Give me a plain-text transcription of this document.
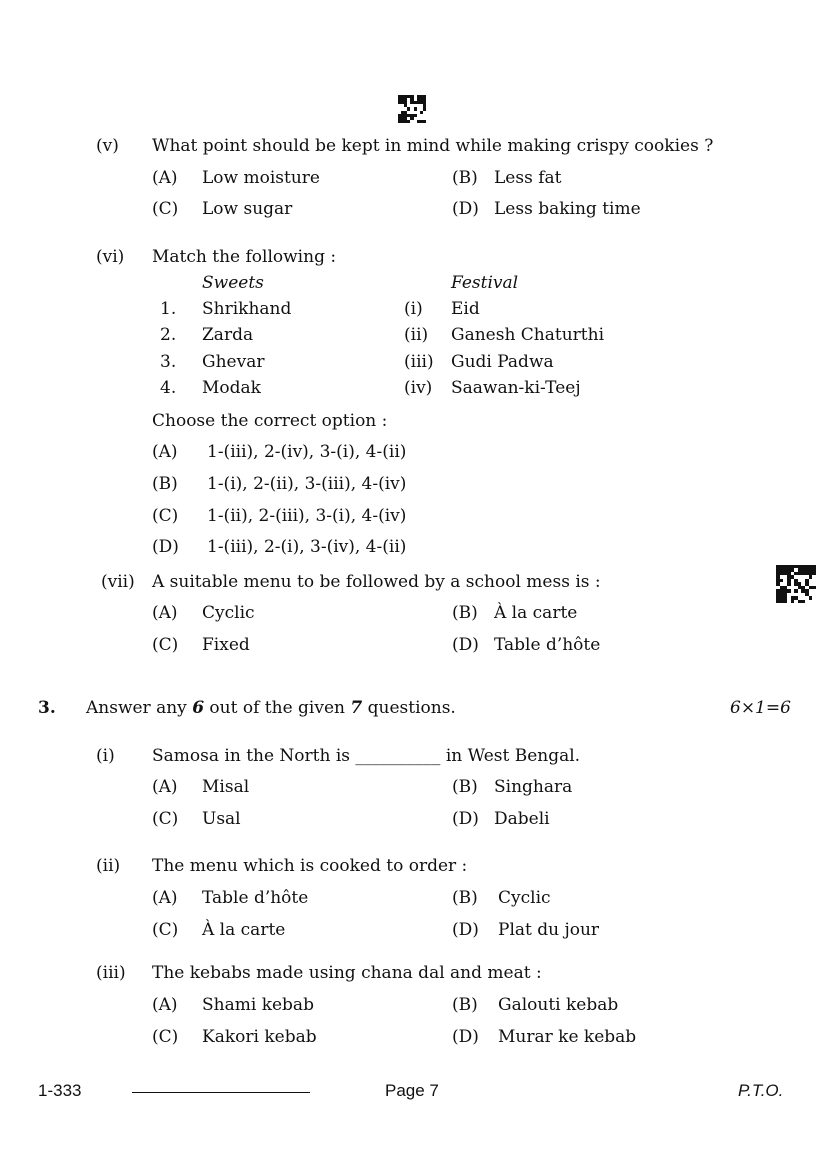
(v) What point should be kept in mind while making crispy cookies ?
(A) Low moisture	(B) Less fat
(C) Low sugar	(D) Less baking time
(vi) Match the following :
Sweets	Festival
1. Shrikhand	(i) Eid
2. Zarda	(ii) Ganesh Chaturthi
3. Ghevar	(iii) Gudi Padwa
4. Modak	(iv) Saawan-ki-Teej
Choose the correct option :
(A) 1-(iii), 2-(iv), 3-(i), 4-(ii)
(B) 1-(i), 2-(ii), 3-(iii), 4-(iv)
(C) 1-(ii), 2-(iii), 3-(i), 4-(iv)
(D) 1-(iii), 2-(i), 3-(iv), 4-(ii)
(vii) A suitable menu to be followed by a school mess is :
(A) Cyclic	(B) À la carte
(C) Fixed	(D) Table d’hôte
3. Answer any 6 out of the given 7 questions.	6×1=6
(i) Samosa in the North is __________ in West Bengal.
(A) Misal	(B) Singhara
(C) Usal	(D) Dabeli
(ii) The menu which is cooked to order :
(A) Table d’hôte	(B) Cyclic
(C) À la carte	(D) Plat du jour
(iii) The kebabs made using chana dal and meat :
(A) Shami kebab	(B) Galouti kebab
(C) Kakori kebab	(D) Murar ke kebab
1-333	Page 7	P.T.O.
